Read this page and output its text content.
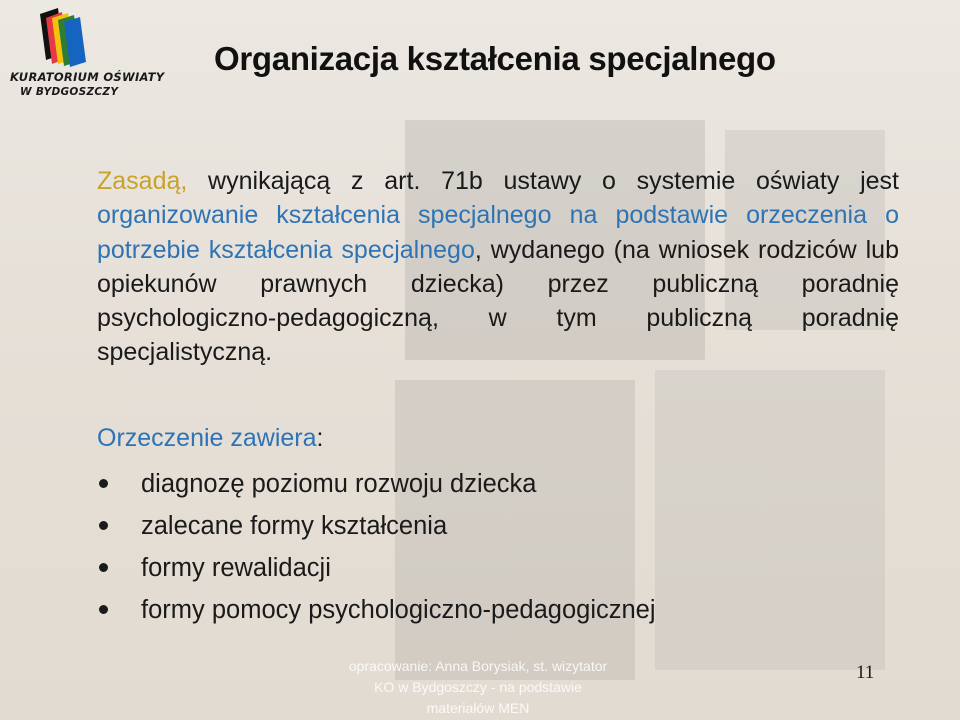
KURATORIUM OŚWIATY
W BYDGOSZCZY
Organizacja kształcenia specjalnego
Zasadą, wynikającą z art. 71b ustawy o systemie oświaty jest organizowanie kształcenia specjalnego na podstawie orzeczenia o potrzebie kształcenia specjalnego, wydanego (na wniosek rodziców lub opiekunów prawnych dziecka) przez publiczną poradnię psychologiczno-pedagogiczną, w tym publiczną poradnię specjalistyczną.
Orzeczenie zawiera:
diagnozę poziomu rozwoju dziecka
zalecane formy kształcenia
formy rewalidacji
formy pomocy psychologiczno-pedagogicznej
opracowanie: Anna Borysiak, st. wizytator
KO w Bydgoszczy - na podstawie
materiałów MEN
11
